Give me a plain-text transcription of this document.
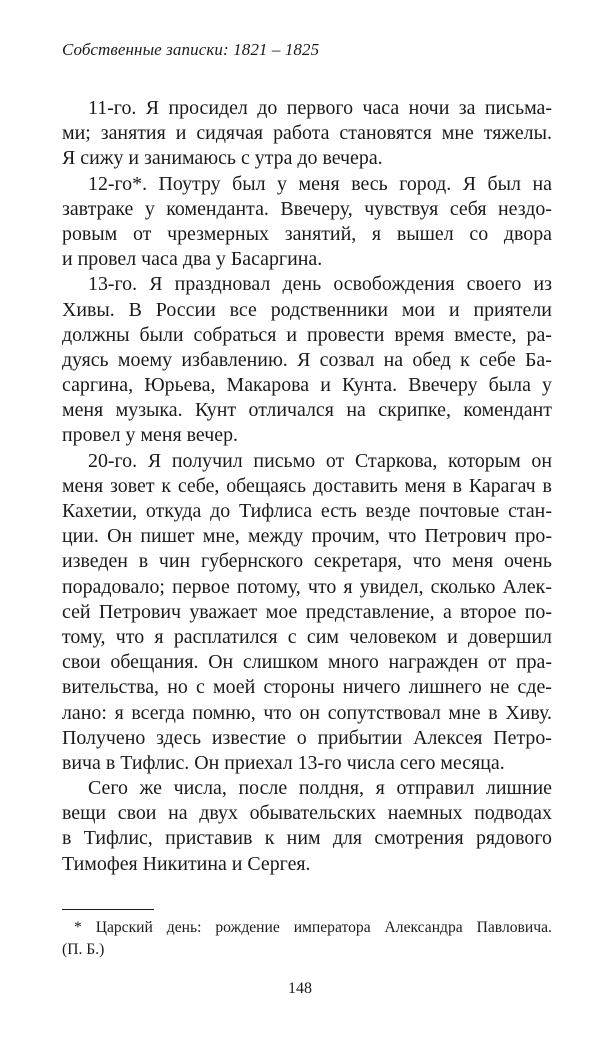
Собственные записки: 1821 – 1825
11-го. Я просидел до первого часа ночи за письма-
ми; занятия и сидячая работа становятся мне тяжелы.
Я сижу и занимаюсь с утра до вечера.
12-го*. Поутру был у меня весь город. Я был на
завтраке у коменданта. Ввечеру, чувствуя себя нездо-
ровым от чрезмерных занятий, я вышел со двора
и провел часа два у Басаргина.
13-го. Я праздновал день освобождения своего из
Хивы. В России все родственники мои и приятели
должны были собраться и провести время вместе, ра-
дуясь моему избавлению. Я созвал на обед к себе Ба-
саргина, Юрьева, Макарова и Кунта. Ввечеру была у
меня музыка. Кунт отличался на скрипке, комендант
провел у меня вечер.
20-го. Я получил письмо от Старкова, которым он
меня зовет к себе, обещаясь доставить меня в Карагач в
Кахетии, откуда до Тифлиса есть везде почтовые стан-
ции. Он пишет мне, между прочим, что Петрович про-
изведен в чин губернского секретаря, что меня очень
порадовало; первое потому, что я увидел, сколько Алек-
сей Петрович уважает мое представление, а второе по-
тому, что я расплатился с сим человеком и довершил
свои обещания. Он слишком много награжден от пра-
вительства, но с моей стороны ничего лишнего не сде-
лано: я всегда помню, что он сопутствовал мне в Хиву.
Получено здесь известие о прибытии Алексея Петро-
вича в Тифлис. Он приехал 13-го числа сего месяца.
Сего же числа, после полдня, я отправил лишние
вещи свои на двух обывательских наемных подводах
в Тифлис, приставив к ним для смотрения рядового
Тимофея Никитина и Сергея.
* Царский день: рождение императора Александра Павловича.
(П. Б.)
148
